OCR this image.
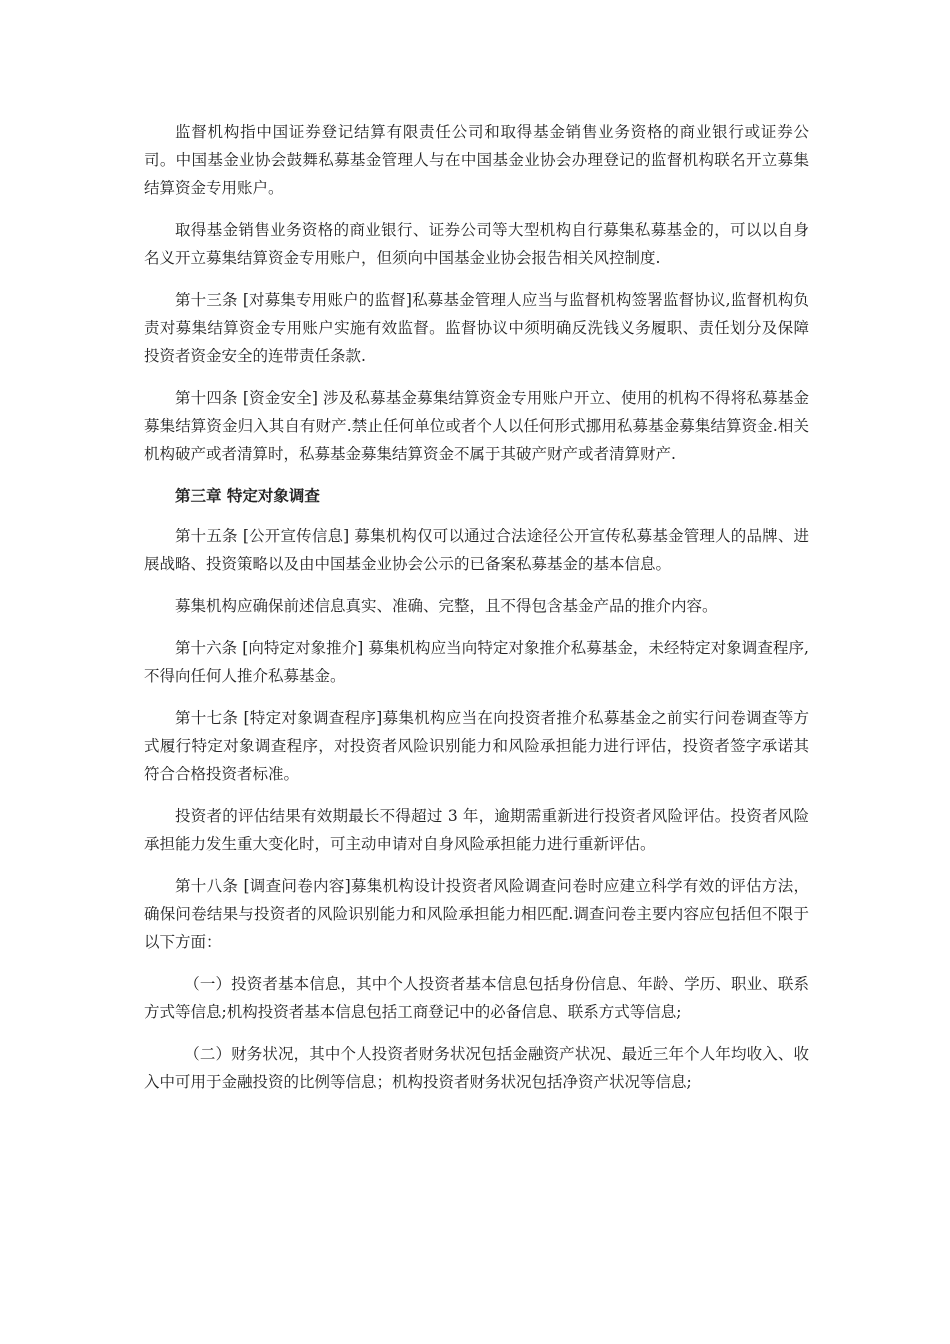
监督机构指中国证券登记结算有限责任公司和取得基金销售业务资格的商业银行或证券公司。中国基金业协会鼓舞私募基金管理人与在中国基金业协会办理登记的监督机构联名开立募集结算资金专用账户。

取得基金销售业务资格的商业银行、证券公司等大型机构自行募集私募基金的，可以以自身名义开立募集结算资金专用账户，但须向中国基金业协会报告相关风控制度.

第十三条 [对募集专用账户的监督]私募基金管理人应当与监督机构签署监督协议,监督机构负责对募集结算资金专用账户实施有效监督。监督协议中须明确反洗钱义务履职、责任划分及保障投资者资金安全的连带责任条款.

第十四条 [资金安全] 涉及私募基金募集结算资金专用账户开立、使用的机构不得将私募基金募集结算资金归入其自有财产.禁止任何单位或者个人以任何形式挪用私募基金募集结算资金.相关机构破产或者清算时，私募基金募集结算资金不属于其破产财产或者清算财产.

第三章 特定对象调查

第十五条 [公开宣传信息] 募集机构仅可以通过合法途径公开宣传私募基金管理人的品牌、进展战略、投资策略以及由中国基金业协会公示的已备案私募基金的基本信息。

募集机构应确保前述信息真实、准确、完整，且不得包含基金产品的推介内容。

第十六条 [向特定对象推介] 募集机构应当向特定对象推介私募基金，未经特定对象调查程序,不得向任何人推介私募基金。

第十七条 [特定对象调查程序]募集机构应当在向投资者推介私募基金之前实行问卷调查等方式履行特定对象调查程序，对投资者风险识别能力和风险承担能力进行评估，投资者签字承诺其符合合格投资者标准。

投资者的评估结果有效期最长不得超过 3 年，逾期需重新进行投资者风险评估。投资者风险承担能力发生重大变化时，可主动申请对自身风险承担能力进行重新评估。

第十八条 [调查问卷内容]募集机构设计投资者风险调查问卷时应建立科学有效的评估方法，确保问卷结果与投资者的风险识别能力和风险承担能力相匹配.调查问卷主要内容应包括但不限于以下方面：

（一）投资者基本信息，其中个人投资者基本信息包括身份信息、年龄、学历、职业、联系方式等信息;机构投资者基本信息包括工商登记中的必备信息、联系方式等信息;

（二）财务状况，其中个人投资者财务状况包括金融资产状况、最近三年个人年均收入、收入中可用于金融投资的比例等信息；机构投资者财务状况包括净资产状况等信息;
